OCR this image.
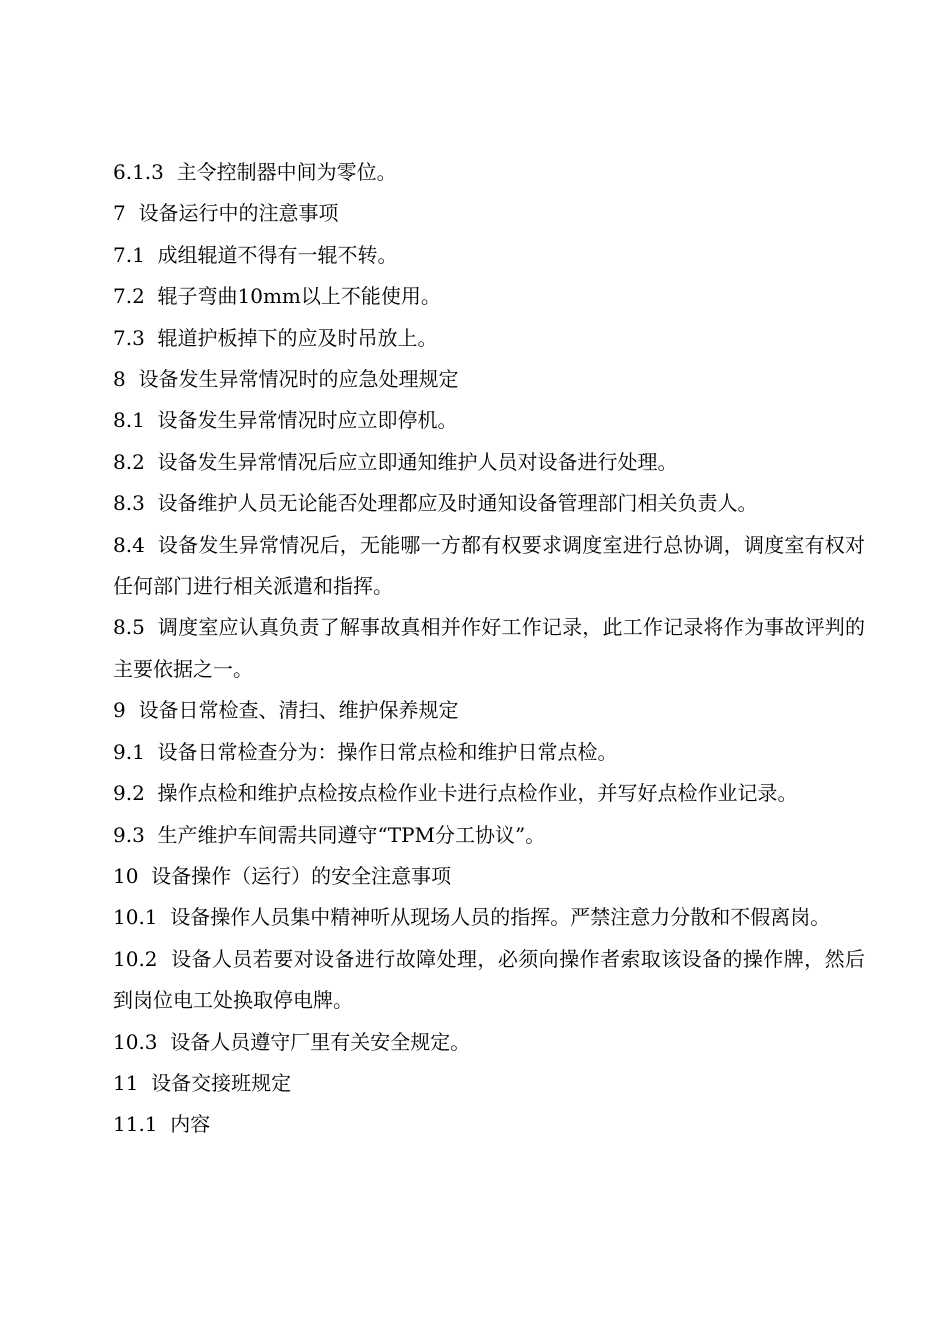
6.1.3  主令控制器中间为零位。

7  设备运行中的注意事项

7.1  成组辊道不得有一辊不转。

7.2  辊子弯曲10mm以上不能使用。

7.3  辊道护板掉下的应及时吊放上。

8  设备发生异常情况时的应急处理规定

8.1  设备发生异常情况时应立即停机。

8.2  设备发生异常情况后应立即通知维护人员对设备进行处理。

8.3  设备维护人员无论能否处理都应及时通知设备管理部门相关负责人。

8.4  设备发生异常情况后，无能哪一方都有权要求调度室进行总协调，调度室有权对任何部门进行相关派遣和指挥。

8.5  调度室应认真负责了解事故真相并作好工作记录，此工作记录将作为事故评判的主要依据之一。

9  设备日常检查、清扫、维护保养规定

9.1  设备日常检查分为：操作日常点检和维护日常点检。

9.2  操作点检和维护点检按点检作业卡进行点检作业，并写好点检作业记录。

9.3  生产维护车间需共同遵守“TPM分工协议”。

10  设备操作（运行）的安全注意事项

10.1  设备操作人员集中精神听从现场人员的指挥。严禁注意力分散和不假离岗。

10.2  设备人员若要对设备进行故障处理，必须向操作者索取该设备的操作牌，然后到岗位电工处换取停电牌。

10.3  设备人员遵守厂里有关安全规定。

11  设备交接班规定

11.1  内容
